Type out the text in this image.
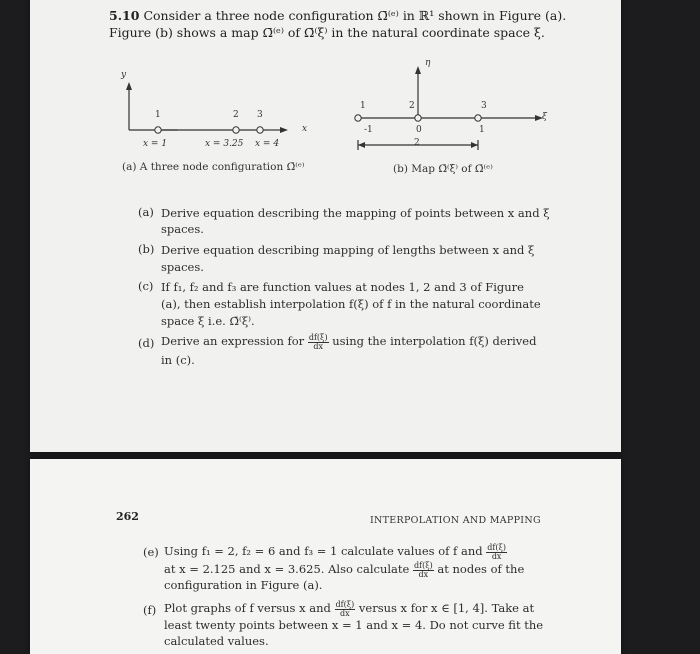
5.10 Consider a three node configuration Ω̄⁽ᵉ⁾ in ℝ¹ shown in Figure (a).
Figure (b) shows a map Ω̄⁽ᵉ⁾ of Ω̄⁽ξ⁾ in the natural coordinate space ξ.
y
x
1	2 3
x = 1	x = 3.25 x = 4
(a) A three node configuration Ω̄⁽ᵉ⁾
η
ξ
1	2	3
-1	0	1
2
(b) Map Ω̄⁽ξ⁾ of Ω̄⁽ᵉ⁾
(a) Derive equation describing the mapping of points between x and ξ
spaces.
(b) Derive equation describing mapping of lengths between x and ξ
spaces.
(c) If f₁, f₂ and f₃ are function values at nodes 1, 2 and 3 of Figure
(a), then establish interpolation f(ξ) of f in the natural coordinate
space ξ i.e. Ω̄⁽ξ⁾.
(d) Derive an expression for $\frac{df(\xi)}{dx}$ using the interpolation f(ξ) derived
in (c).
262	INTERPOLATION AND MAPPING
(e) Using f₁ = 2, f₂ = 6 and f₃ = 1 calculate values of f and $\frac{df(\xi)}{dx}$
at x = 2.125 and x = 3.625. Also calculate $\frac{df(\xi)}{dx}$ at nodes of the
configuration in Figure (a).
(f) Plot graphs of f versus x and $\frac{df(\xi)}{dx}$ versus x for x ∈ [1, 4]. Take at
least twenty points between x = 1 and x = 4. Do not curve fit the
calculated values.
